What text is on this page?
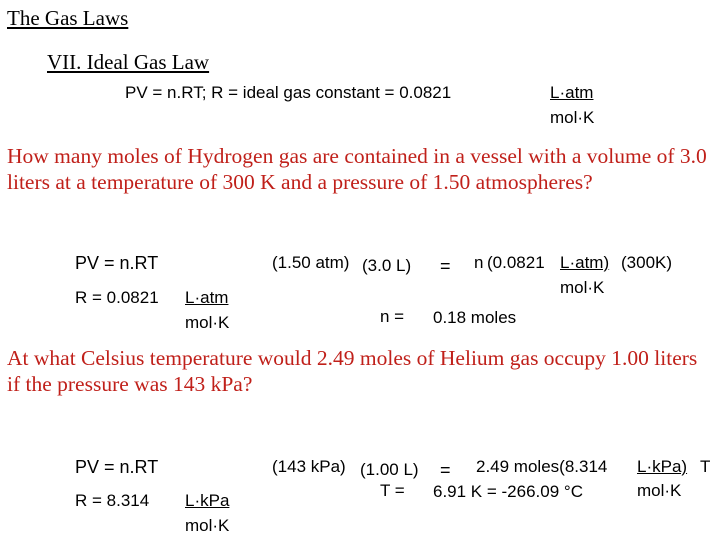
The Gas Laws
VII. Ideal Gas Law
PV = n.RT; R = ideal gas constant = 0.0821	L·atm
mol·K
How many moles of Hydrogen gas are contained in a vessel with a volume of 3.0 liters at a temperature of 300 K and a pressure of 1.50 atmospheres?
PV = n.RT
R = 0.0821 L·atm
mol·K
(1.50 atm) (3.0 L) = n (0.0821 L·atm) (300K)
mol·K
n = 0.18 moles
At what Celsius temperature would 2.49 moles of Helium gas occupy 1.00 liters if the pressure was 143 kPa?
PV = n.RT
R = 8.314 L·kPa
mol·K
(143 kPa) (1.00 L) = 2.49 moles(8.314 L·kPa) T
mol·K
T = 6.91 K = -266.09 °C
